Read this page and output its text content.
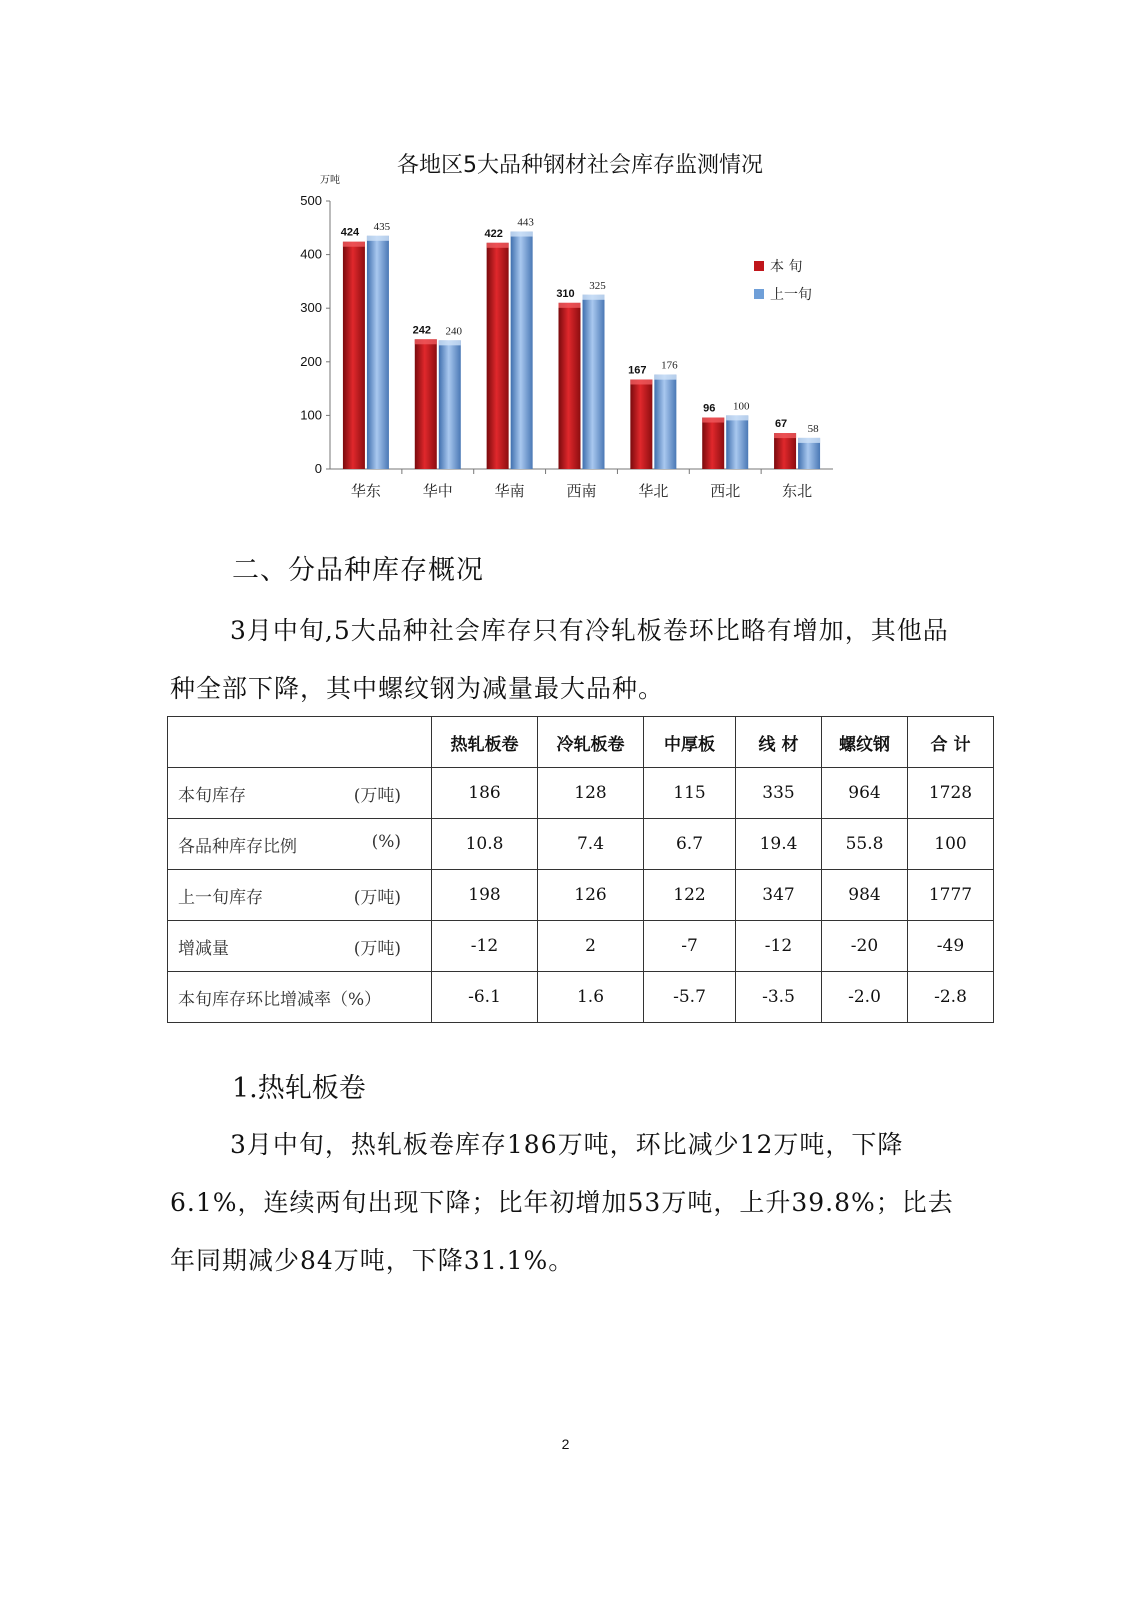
各地区5大品种钢材社会库存监测情况
万吨
0
100
200
300
400
500
华东	华中	华南	西南	华北	西北	东北
424 435
242 240
422
443
310
325
167 176
96 100
67 58
本 旬
上一旬
二、分品种库存概况

3月中旬,5大品种社会库存只有冷轧板卷环比略有增加，其他品种全部下降，其中螺纹钢为减量最大品种。

	热轧板卷	冷轧板卷	中厚板	线 材	螺纹钢	合 计

本旬库存 (万吨)	186	128	115	335	964	1728

各品种库存比例 (%)	10.8	7.4	6.7	19.4	55.8	100

上一旬库存 (万吨)	198	126	122	347	984	1777

增减量 (万吨)	-12	2	-7	-12	-20	-49

本旬库存环比增减率（%）	-6.1	1.6	-5.7	-3.5	-2.0	-2.8
1.热轧板卷

3月中旬，热轧板卷库存186万吨，环比减少12万吨，下降6.1%，连续两旬出现下降；比年初增加53万吨，上升39.8%；比去年同期减少84万吨，下降31.1%。

2
